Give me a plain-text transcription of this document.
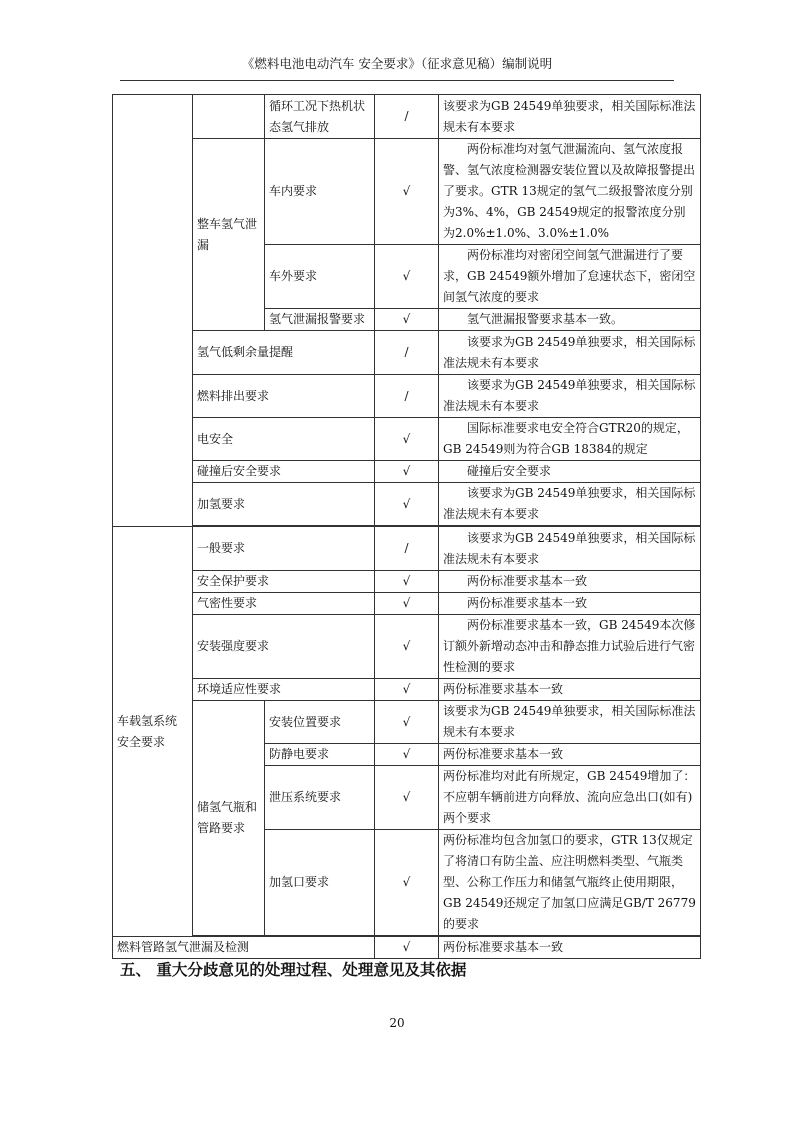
《燃料电池电动汽车 安全要求》（征求意见稿）编制说明
		循环工况下热机状态氢气排放	/	该要求为GB 24549单独要求，相关国际标准法规未有本要求
	整车氢气泄漏	车内要求	√	两份标准均对氢气泄漏流向、氢气浓度报警、氢气浓度检测器安装位置以及故障报警提出了要求。GTR 13规定的氢气二级报警浓度分别为3%、4%，GB 24549规定的报警浓度分别为2.0%±1.0%、3.0%±1.0%
		车外要求	√	两份标准均对密闭空间氢气泄漏进行了要求，GB 24549额外增加了怠速状态下，密闭空间氢气浓度的要求
		氢气泄漏报警要求	√	氢气泄漏报警要求基本一致。
	氢气低剩余量提醒		/	该要求为GB 24549单独要求，相关国际标准法规未有本要求
	燃料排出要求		/	该要求为GB 24549单独要求，相关国际标准法规未有本要求
	电安全		√	国际标准要求电安全符合GTR20的规定，GB 24549则为符合GB 18384的规定
	碰撞后安全要求		√	碰撞后安全要求
	加氢要求		√	该要求为GB 24549单独要求，相关国际标准法规未有本要求

车载氢系统安全要求	一般要求		/	该要求为GB 24549单独要求，相关国际标准法规未有本要求
	安全保护要求		√	两份标准要求基本一致
	气密性要求		√	两份标准要求基本一致
	安装强度要求		√	两份标准要求基本一致，GB 24549本次修订额外新增动态冲击和静态推力试验后进行气密性检测的要求
	环境适应性要求		√	两份标准要求基本一致
	储氢气瓶和管路要求	安装位置要求	√	该要求为GB 24549单独要求，相关国际标准法规未有本要求
		防静电要求	√	两份标准要求基本一致
		泄压系统要求	√	两份标准均对此有所规定，GB 24549增加了：不应朝车辆前进方向释放、流向应急出口(如有)两个要求
		加氢口要求	√	两份标准均包含加氢口的要求，GTR 13仅规定了将清口有防尘盖、应注明燃料类型、气瓶类型、公称工作压力和储氢气瓶终止使用期限，GB 24549还规定了加氢口应满足GB/T 26779的要求

燃料管路氢气泄漏及检测			√	两份标准要求基本一致
五、 重大分歧意见的处理过程、处理意见及其依据
20
